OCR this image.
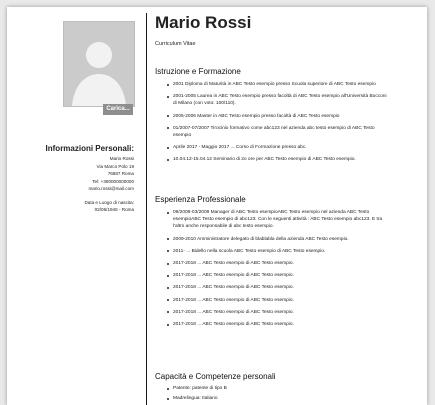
Carica...
Informazioni Personali:
Mario Rossi
Via Marco Polo 19
76887 Roma
Tel: +390000000000
mario.rossi@mail.com
Data e Luogo di nascita:
02/06/1946 - Roma
Mario Rossi
Curriculum Vitae
Istruzione e Formazione
2001 Diploma di Maturità in ABC Testo esempio presso Scuola superiore di ABC Testo esempio
2001-2005 Laurea in ABC Testo esempio presso facoltà di ABC Testo esempio all'Università Bocconi di Milano (con voto: 100/110).
2005-2006 Master in ABC Testo esempio presso facoltà di ABC Testo esempio
01/2007-07/2007 Tirocinio formativo come abc123 nel azienda abc testo esempio di ABC Testo esempio
Aprile 2017 - Maggio 2017 ... Corso di Formazione presso abc.
10.04.12-15.04.12 Seminario di 2o ore per ABC Testo esempio di ABC Testo esempio.
Esperienza Professionale
09/2008-03/2009 Manager di ABC Testo esempioABC Testo esempio nel azienda ABC Testo esempioABC Testo esempio di abc123. Con le seguenti attività : ABC Testo esempio abc123. E tra l'altro anche responsabile di abc testo esempio.
2009-2010 Amministratore delegato di blablabla della azienda ABC Testo esempio.
2011- ... Bidello nella scuola ABC Testo esempio di ABC Testo esempio.
2017-2018 ... ABC Testo esempio di ABC Testo esempio.
2017-2018 ... ABC Testo esempio di ABC Testo esempio.
2017-2018 ... ABC Testo esempio di ABC Testo esempio.
2017-2018 ... ABC Testo esempio di ABC Testo esempio.
2017-2018 ... ABC Testo esempio di ABC Testo esempio.
2017-2018 ... ABC Testo esempio di ABC Testo esempio.
Capacità e Competenze personali
Patente: patente di tipo B
Madrelingua: Italiano
